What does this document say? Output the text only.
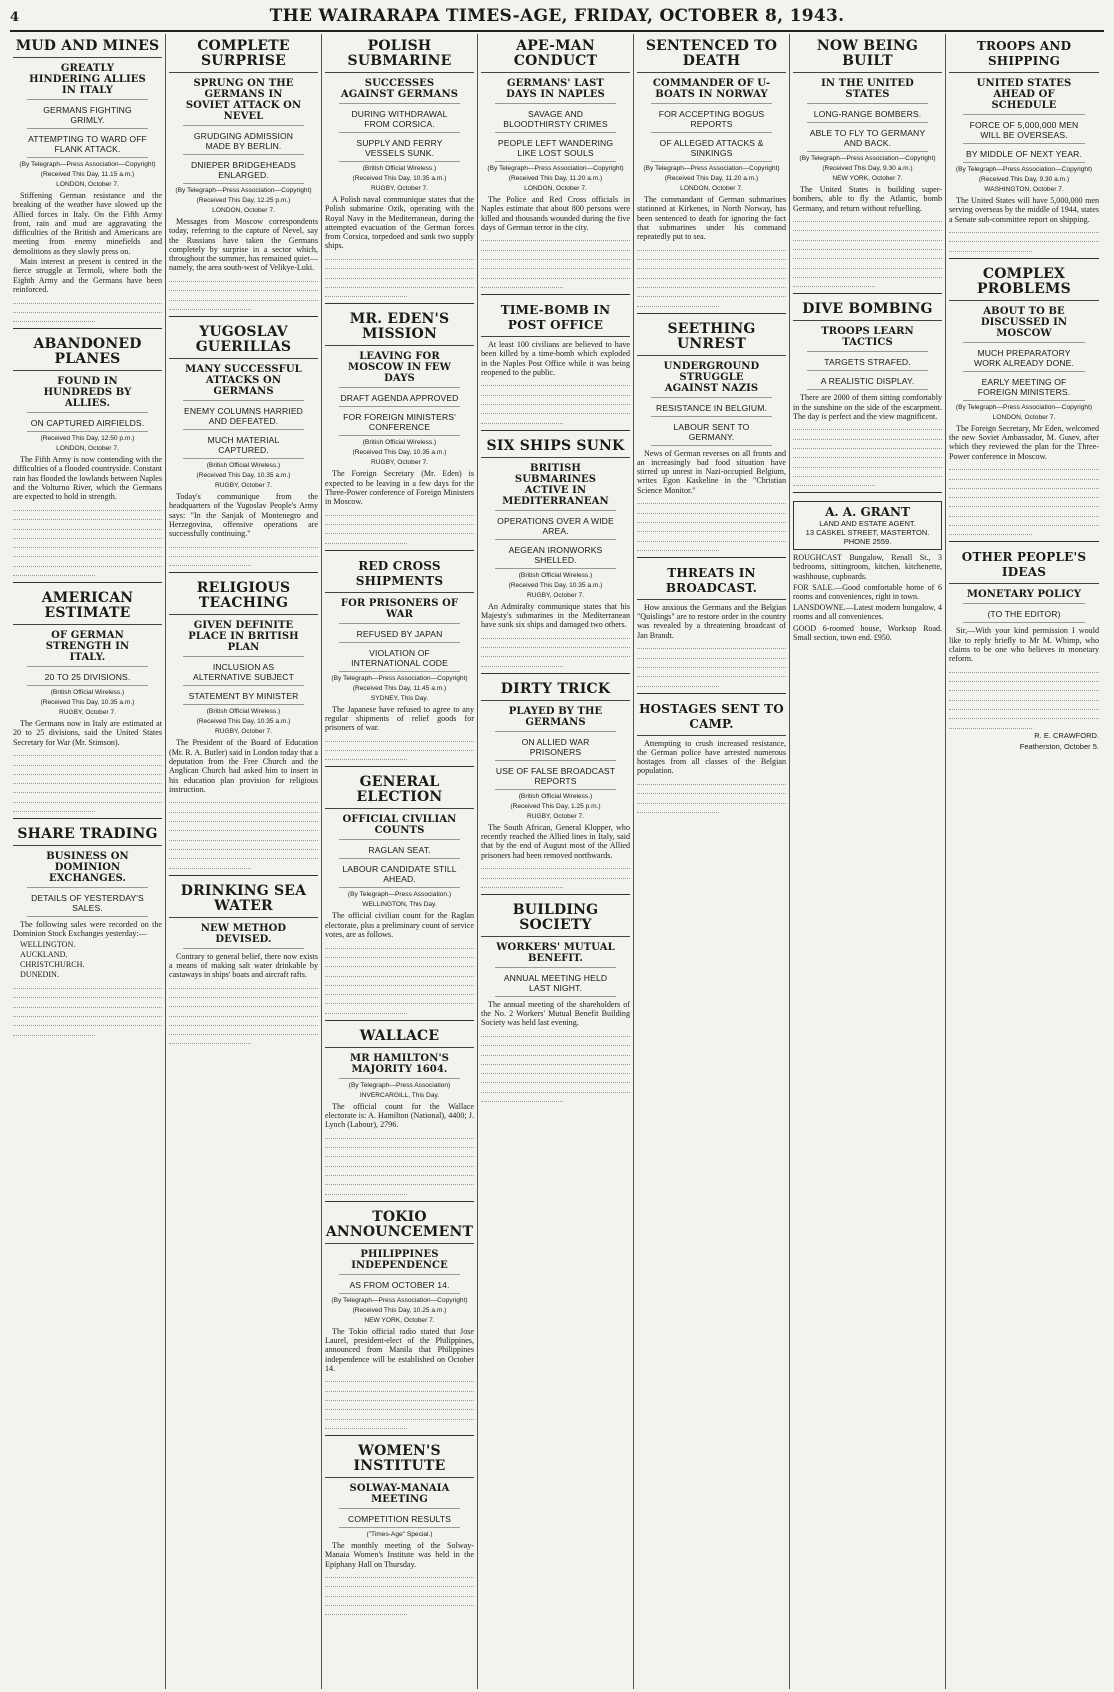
4	THE WAIRARAPA TIMES-AGE, FRIDAY, OCTOBER 8, 1943.
MUD AND MINES
GREATLY HINDERING ALLIES IN ITALY
GERMANS FIGHTING GRIMLY.
ATTEMPTING TO WARD OFF FLANK ATTACK.
(By Telegraph—Press Association—Copyright)
(Received This Day, 11.15 a.m.)
LONDON, October 7.

Stiffening German resistance and the breaking of the weather have slowed up the Allied forces in Italy. On the Fifth Army front, rain and mud are aggravating the difficulties of the British and Americans are meeting from enemy minefields and demolitions as they slowly press on.

Main interest at present is centred in the fierce struggle at Termoli, where both the Eighth Army and the Germans have been reinforced.

ABANDONED PLANES
FOUND IN HUNDREDS BY ALLIES.
ON CAPTURED AIRFIELDS.
(Received This Day, 12.50 p.m.)
LONDON, October 7.

The Fifth Army is now contending with the difficulties of a flooded countryside. Constant rain has flooded the lowlands between Naples and the Volturno River, which the Germans are expected to hold in strength.

AMERICAN ESTIMATE
OF GERMAN STRENGTH IN ITALY.
20 TO 25 DIVISIONS.
(British Official Wireless.)
(Received This Day, 10.35 a.m.)
RUGBY, October 7.

The Germans now in Italy are estimated at 20 to 25 divisions, said the United States Secretary for War (Mr. Stimson).

SHARE TRADING
BUSINESS ON DOMINION EXCHANGES.
DETAILS OF YESTERDAY'S SALES.

The following sales were recorded on the Dominion Stock Exchanges yesterday:—

WELLINGTON.

AUCKLAND.

CHRISTCHURCH.

DUNEDIN.

COMPLETE SURPRISE
SPRUNG ON THE GERMANS IN SOVIET ATTACK ON NEVEL
GRUDGING ADMISSION MADE BY BERLIN.
DNIEPER BRIDGEHEADS ENLARGED.
(By Telegraph—Press Association—Copyright)
(Received This Day, 12.25 p.m.)
LONDON, October 7.

Messages from Moscow correspondents today, referring to the capture of Nevel, say the Russians have taken the Germans completely by surprise in a sector which, throughout the summer, has remained quiet—namely, the area south-west of Velikye-Luki.

YUGOSLAV GUERILLAS
MANY SUCCESSFUL ATTACKS ON GERMANS
ENEMY COLUMNS HARRIED AND DEFEATED.
MUCH MATERIAL CAPTURED.
(British Official Wireless.)
(Received This Day, 10.35 a.m.)
RUGBY, October 7.

Today's communique from the headquarters of the Yugoslav People's Army says: "In the Sanjak of Montenegro and Herzegovina, offensive operations are successfully continuing."

RELIGIOUS TEACHING
GIVEN DEFINITE PLACE IN BRITISH PLAN
INCLUSION AS ALTERNATIVE SUBJECT
STATEMENT BY MINISTER
(British Official Wireless.)
(Received This Day, 10.35 a.m.)
RUGBY, October 7.

The President of the Board of Education (Mr. R. A. Butler) said in London today that a deputation from the Free Church and the Anglican Church had asked him to insert in his education plan provision for religious instruction.

DRINKING SEA WATER
NEW METHOD DEVISED.

Contrary to general belief, there now exists a means of making salt water drinkable by castaways in ships' boats and aircraft rafts.

POLISH SUBMARINE
SUCCESSES AGAINST GERMANS
DURING WITHDRAWAL FROM CORSICA.
SUPPLY AND FERRY VESSELS SUNK.
(British Official Wireless.)
(Received This Day, 10.35 a.m.)
RUGBY, October 7.

A Polish naval communique states that the Polish submarine Ozik, operating with the Royal Navy in the Mediterranean, during the attempted evacuation of the German forces from Corsica, torpedoed and sank two supply ships.

MR. EDEN'S MISSION
LEAVING FOR MOSCOW IN FEW DAYS
DRAFT AGENDA APPROVED
FOR FOREIGN MINISTERS' CONFERENCE
(British Official Wireless.)
(Received This Day, 10.35 a.m.)
RUGBY, October 7.

The Foreign Secretary (Mr. Eden) is expected to be leaving in a few days for the Three-Power conference of Foreign Ministers in Moscow.

RED CROSS SHIPMENTS
FOR PRISONERS OF WAR
REFUSED BY JAPAN
VIOLATION OF INTERNATIONAL CODE
(By Telegraph—Press Association—Copyright)
(Received This Day, 11.45 a.m.)
SYDNEY, This Day.

The Japanese have refused to agree to any regular shipments of relief goods for prisoners of war.

GENERAL ELECTION
OFFICIAL CIVILIAN COUNTS
RAGLAN SEAT.
LABOUR CANDIDATE STILL AHEAD.
(By Telegraph—Press Association.)
WELLINGTON, This Day.

The official civilian count for the Raglan electorate, plus a preliminary count of service votes, are as follows.

WALLACE
MR HAMILTON'S MAJORITY 1604.
(By Telegraph—Press Association)
INVERCARGILL, This Day.

The official count for the Wallace electorate is: A. Hamilton (National), 4400; J. Lynch (Labour), 2796.

TOKIO ANNOUNCEMENT
PHILIPPINES INDEPENDENCE
AS FROM OCTOBER 14.
(By Telegraph—Press Association—Copyright)
(Received This Day, 10.25 a.m.)
NEW YORK, October 7.

The Tokio official radio stated that Jose Laurel, president-elect of the Philippines, announced from Manila that Philippines independence will be established on October 14.

WOMEN'S INSTITUTE
SOLWAY-MANAIA MEETING
COMPETITION RESULTS
("Times-Age" Special.)

The monthly meeting of the Solway-Manaia Women's Institute was held in the Epiphany Hall on Thursday.

APE-MAN CONDUCT
GERMANS' LAST DAYS IN NAPLES
SAVAGE AND BLOODTHIRSTY CRIMES
PEOPLE LEFT WANDERING LIKE LOST SOULS
(By Telegraph—Press Association—Copyright)
(Received This Day, 11.20 a.m.)
LONDON, October 7.

The Police and Red Cross officials in Naples estimate that about 800 persons were killed and thousands wounded during the five days of German terror in the city.

TIME-BOMB IN POST OFFICE

At least 100 civilians are believed to have been killed by a time-bomb which exploded in the Naples Post Office while it was being reopened to the public.

SIX SHIPS SUNK
BRITISH SUBMARINES ACTIVE IN MEDITERRANEAN
OPERATIONS OVER A WIDE AREA.
AEGEAN IRONWORKS SHELLED.
(British Official Wireless.)
(Received This Day, 10.35 a.m.)
RUGBY, October 7.

An Admiralty communique states that his Majesty's submarines in the Mediterranean have sunk six ships and damaged two others.

DIRTY TRICK
PLAYED BY THE GERMANS
ON ALLIED WAR PRISONERS
USE OF FALSE BROADCAST REPORTS
(British Official Wireless.)
(Received This Day, 1.25 p.m.)
RUGBY, October 7.

The South African, General Klopper, who recently reached the Allied lines in Italy, said that by the end of August most of the Allied prisoners had been removed northwards.

BUILDING SOCIETY
WORKERS' MUTUAL BENEFIT.
ANNUAL MEETING HELD LAST NIGHT.

The annual meeting of the shareholders of the No. 2 Workers' Mutual Benefit Building Society was held last evening.

SENTENCED TO DEATH
COMMANDER OF U-BOATS IN NORWAY
FOR ACCEPTING BOGUS REPORTS
OF ALLEGED ATTACKS & SINKINGS
(By Telegraph—Press Association—Copyright)
(Received This Day, 11.20 a.m.)
LONDON, October 7.

The commandant of German submarines stationed at Kirkenes, in North Norway, has been sentenced to death for ignoring the fact that submarines under his command repeatedly put to sea.

SEETHING UNREST
UNDERGROUND STRUGGLE AGAINST NAZIS
RESISTANCE IN BELGIUM.
LABOUR SENT TO GERMANY.

News of German reverses on all fronts and an increasingly bad food situation have stirred up unrest in Nazi-occupied Belgium, writes Egon Kaskeline in the "Christian Science Monitor."

THREATS IN BROADCAST.

How anxious the Germans and the Belgian "Quislings" are to restore order in the country was revealed by a threatening broadcast of Jan Brandt.

HOSTAGES SENT TO CAMP.

Attempting to crush increased resistance, the German police have arrested numerous hostages from all classes of the Belgian population.

NOW BEING BUILT
IN THE UNITED STATES
LONG-RANGE BOMBERS.
ABLE TO FLY TO GERMANY AND BACK.
(By Telegraph—Press Association—Copyright)
(Received This Day, 9.30 a.m.)
NEW YORK, October 7.

The United States is building super-bombers, able to fly the Atlantic, bomb Germany, and return without refuelling.

DIVE BOMBING
TROOPS LEARN TACTICS
TARGETS STRAFED.
A REALISTIC DISPLAY.

There are 2000 of them sitting comfortably in the sunshine on the side of the escarpment. The day is perfect and the view magnificent.

A. A. GRANT
LAND AND ESTATE AGENT.
13 CASKEL STREET, MASTERTON. PHONE 2559.

ROUGHCAST Bungalow, Renall St., 3 bedrooms, sittingroom, kitchen, kitchenette, washhouse, cupboards.

FOR SALE.—Good comfortable home of 6 rooms and conveniences, right in town.

LANSDOWNE.—Latest modern bungalow, 4 rooms and all conveniences.

GOOD 6-roomed house, Worksop Road. Small section, town end. £950.

TROOPS AND SHIPPING
UNITED STATES AHEAD OF SCHEDULE
FORCE OF 5,000,000 MEN WILL BE OVERSEAS.
BY MIDDLE OF NEXT YEAR.
(By Telegraph—Press Association—Copyright)
(Received This Day, 9.30 a.m.)
WASHINGTON, October 7.

The United States will have 5,000,000 men serving overseas by the middle of 1944, states a Senate sub-committee report on shipping.

COMPLEX PROBLEMS
ABOUT TO BE DISCUSSED IN MOSCOW
MUCH PREPARATORY WORK ALREADY DONE.
EARLY MEETING OF FOREIGN MINISTERS.
(By Telegraph—Press Association—Copyright)
LONDON, October 7.

The Foreign Secretary, Mr Eden, welcomed the new Soviet Ambassador, M. Gusev, after which they reviewed the plan for the Three-Power conference in Moscow.

OTHER PEOPLE'S IDEAS
MONETARY POLICY
(TO THE EDITOR)

Sir,—With your kind permission I would like to reply briefly to Mr M. Whimp, who claims to be one who believes in monetary reform.

R. E. CRAWFORD.
Featherston, October 5.
